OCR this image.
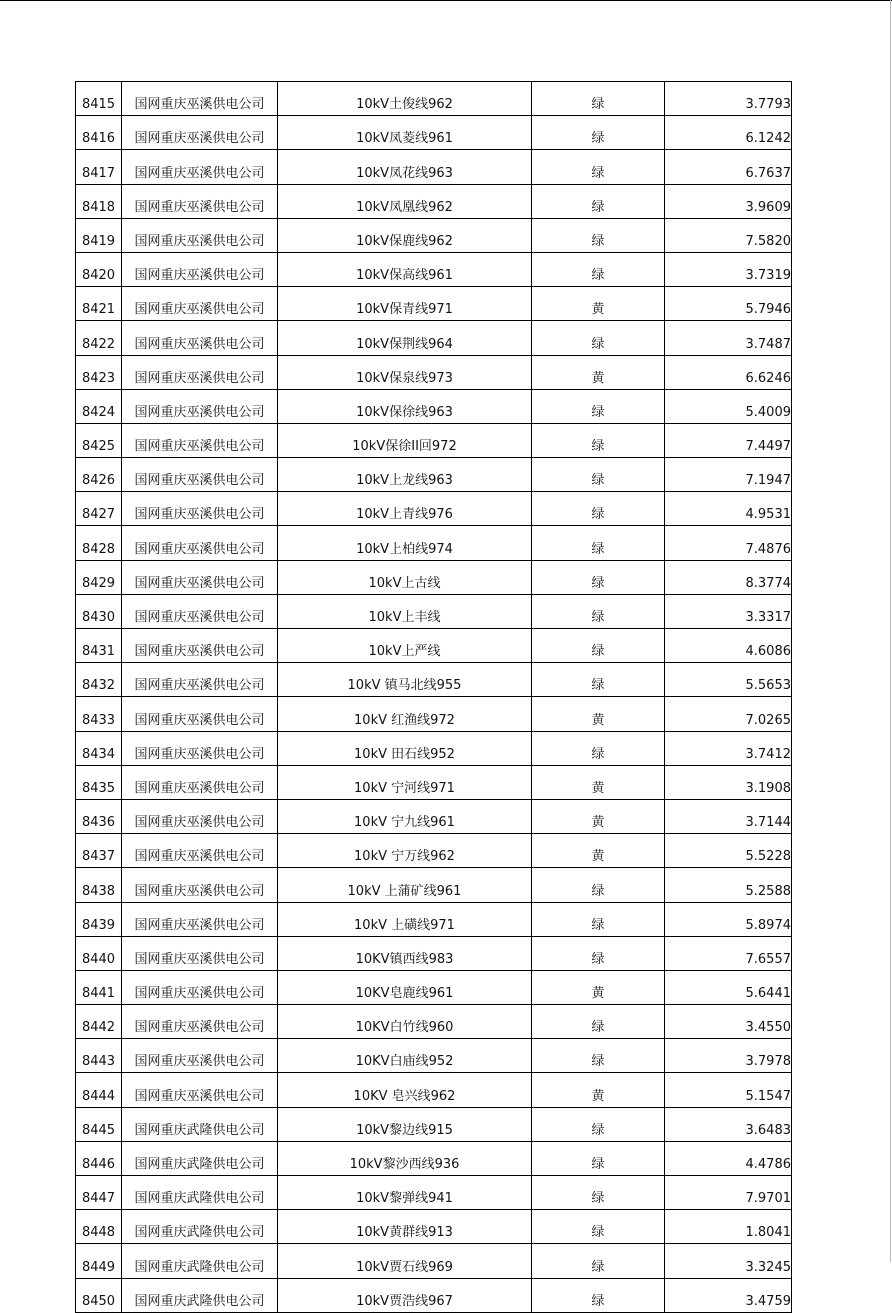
8415	国网重庆巫溪供电公司	10kV土俊线962	绿	3.7793
8416	国网重庆巫溪供电公司	10kV凤菱线961	绿	6.1242
8417	国网重庆巫溪供电公司	10kV凤花线963	绿	6.7637
8418	国网重庆巫溪供电公司	10kV凤凰线962	绿	3.9609
8419	国网重庆巫溪供电公司	10kV保鹿线962	绿	7.5820
8420	国网重庆巫溪供电公司	10kV保高线961	绿	3.7319
8421	国网重庆巫溪供电公司	10kV保青线971	黄	5.7946
8422	国网重庆巫溪供电公司	10kV保荆线964	绿	3.7487
8423	国网重庆巫溪供电公司	10kV保泉线973	黄	6.6246
8424	国网重庆巫溪供电公司	10kV保徐线963	绿	5.4009
8425	国网重庆巫溪供电公司	10kV保徐II回972	绿	7.4497
8426	国网重庆巫溪供电公司	10kV上龙线963	绿	7.1947
8427	国网重庆巫溪供电公司	10kV上青线976	绿	4.9531
8428	国网重庆巫溪供电公司	10kV上柏线974	绿	7.4876
8429	国网重庆巫溪供电公司	10kV上古线	绿	8.3774
8430	国网重庆巫溪供电公司	10kV上丰线	绿	3.3317
8431	国网重庆巫溪供电公司	10kV上严线	绿	4.6086
8432	国网重庆巫溪供电公司	10kV 镇马北线955	绿	5.5653
8433	国网重庆巫溪供电公司	10kV 红渔线972	黄	7.0265
8434	国网重庆巫溪供电公司	10kV 田石线952	绿	3.7412
8435	国网重庆巫溪供电公司	10kV 宁河线971	黄	3.1908
8436	国网重庆巫溪供电公司	10kV 宁九线961	黄	3.7144
8437	国网重庆巫溪供电公司	10kV 宁万线962	黄	5.5228
8438	国网重庆巫溪供电公司	10kV 上蒲矿线961	绿	5.2588
8439	国网重庆巫溪供电公司	10kV 上磺线971	绿	5.8974
8440	国网重庆巫溪供电公司	10KV镇西线983	绿	7.6557
8441	国网重庆巫溪供电公司	10KV皂鹿线961	黄	5.6441
8442	国网重庆巫溪供电公司	10KV白竹线960	绿	3.4550
8443	国网重庆巫溪供电公司	10KV白庙线952	绿	3.7978
8444	国网重庆巫溪供电公司	10KV 皂兴线962	黄	5.1547
8445	国网重庆武隆供电公司	10kV黎边线915	绿	3.6483
8446	国网重庆武隆供电公司	10kV黎沙西线936	绿	4.4786
8447	国网重庆武隆供电公司	10kV黎弹线941	绿	7.9701
8448	国网重庆武隆供电公司	10kV黄群线913	绿	1.8041
8449	国网重庆武隆供电公司	10kV贾石线969	绿	3.3245
8450	国网重庆武隆供电公司	10kV贾浩线967	绿	3.4759
